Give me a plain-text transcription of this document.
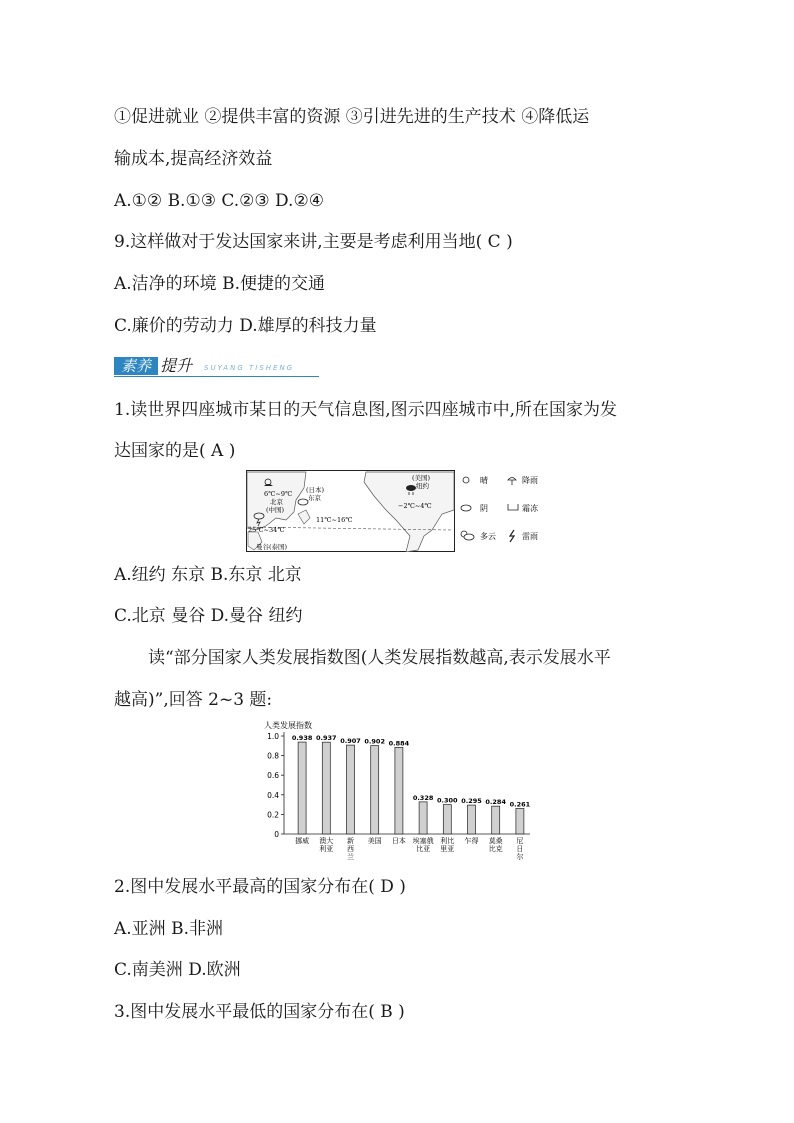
①促进就业 ②提供丰富的资源 ③引进先进的生产技术 ④降低运
输成本,提高经济效益
A.①② B.①③ C.②③ D.②④
9.这样做对于发达国家来讲,主要是考虑利用当地( C )
A.洁净的环境 B.便捷的交通
C.廉价的劳动力 D.雄厚的科技力量
素养 提升 SUYANG TISHENG
1.读世界四座城市某日的天气信息图,图示四座城市中,所在国家为发
达国家的是( A )
6℃~9℃
北京
(中国)
(日本)
东京
11℃~16℃
(美国)
纽约
−2℃~4℃
25℃~34℃
曼谷(泰国)
晴	降雨
阴	霜冻
多云	雷雨
A.纽约 东京 B.东京 北京
C.北京 曼谷 D.曼谷 纽约
读“部分国家人类发展指数图(人类发展指数越高,表示发展水平
越高)”,回答 2~3 题:
人类发展指数
1.0
0.8
0.6
0.4
0.2
0
0.938
挪威
0.937
澳大
利亚
0.907
新
西
兰
0.902
美国
0.884
日本
0.328
埃塞俄
比亚
0.300
利比
里亚
0.295
乍得
0.284
莫桑
比克
0.261
尼
日
尔
2.图中发展水平最高的国家分布在( D )
A.亚洲 B.非洲
C.南美洲 D.欧洲
3.图中发展水平最低的国家分布在( B )
